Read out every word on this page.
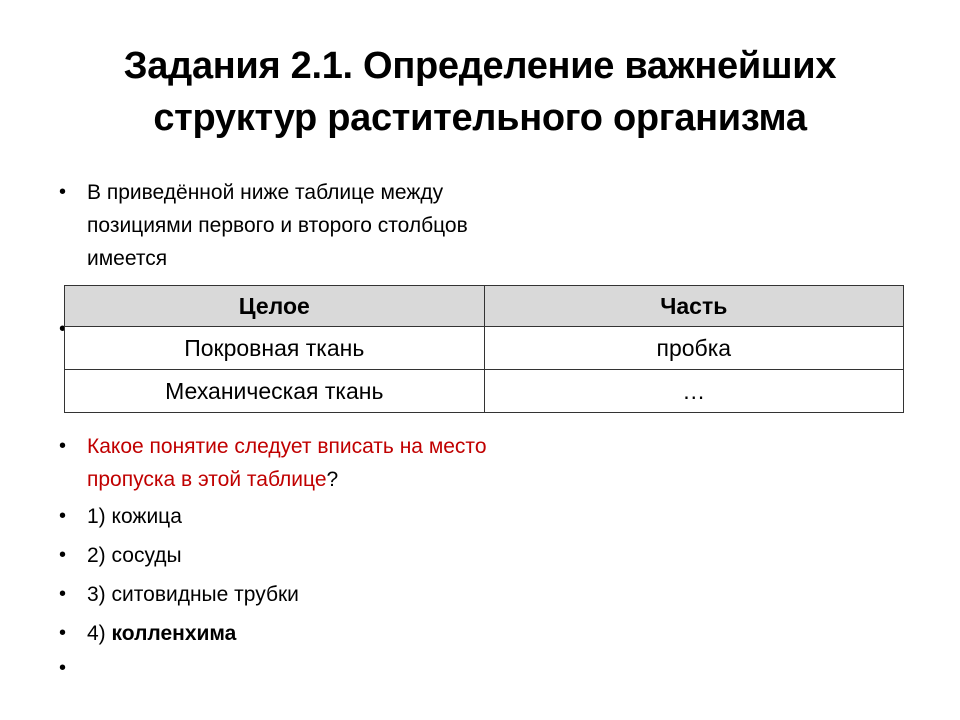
Задания 2.1. Определение важнейших структур растительного организма
• В приведённой ниже таблице между позициями первого и второго столбцов имеется
Целое	Часть
Покровная ткань	пробка
Механическая ткань	…
• Какое понятие следует вписать на место пропуска в этой таблице?
• 1) кожица
• 2) сосуды
• 3) ситовидные трубки
• 4) колленхима
